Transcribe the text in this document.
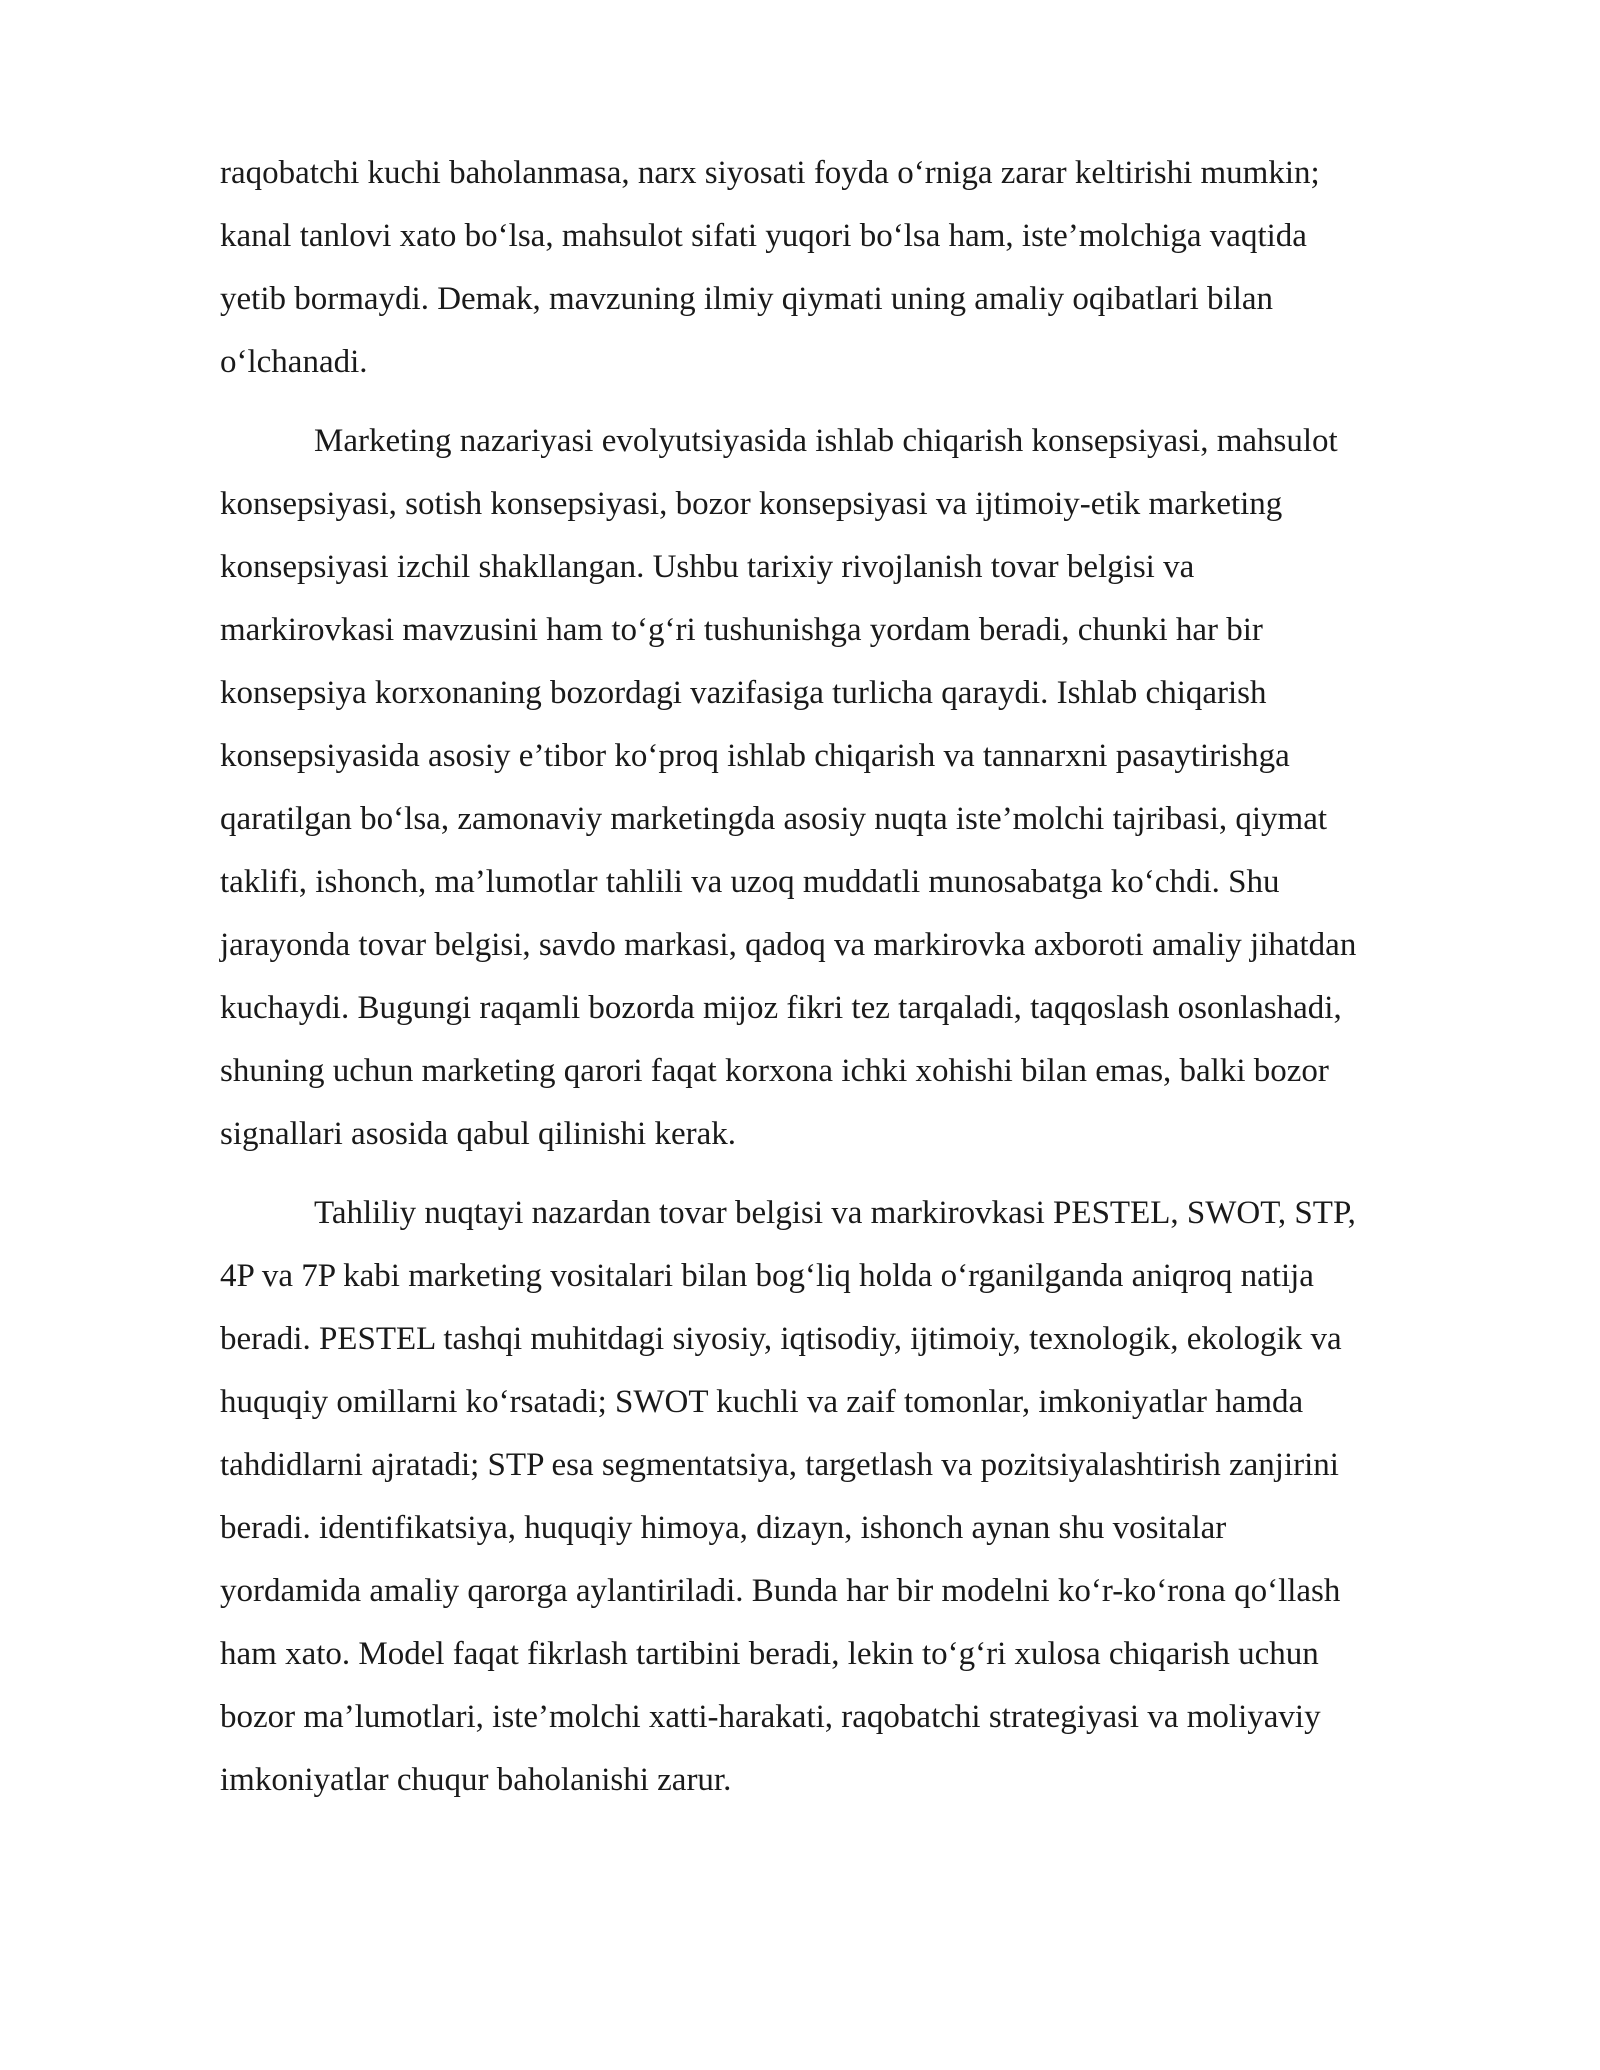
raqobatchi kuchi baholanmasa, narx siyosati foyda o‘rniga zarar keltirishi mumkin;
kanal tanlovi xato bo‘lsa, mahsulot sifati yuqori bo‘lsa ham, iste’molchiga vaqtida
yetib bormaydi. Demak, mavzuning ilmiy qiymati uning amaliy oqibatlari bilan
o‘lchanadi.

Marketing nazariyasi evolyutsiyasida ishlab chiqarish konsepsiyasi, mahsulot
konsepsiyasi, sotish konsepsiyasi, bozor konsepsiyasi va ijtimoiy-etik marketing
konsepsiyasi izchil shakllangan. Ushbu tarixiy rivojlanish tovar belgisi va
markirovkasi mavzusini ham to‘g‘ri tushunishga yordam beradi, chunki har bir
konsepsiya korxonaning bozordagi vazifasiga turlicha qaraydi. Ishlab chiqarish
konsepsiyasida asosiy e’tibor ko‘proq ishlab chiqarish va tannarxni pasaytirishga
qaratilgan bo‘lsa, zamonaviy marketingda asosiy nuqta iste’molchi tajribasi, qiymat
taklifi, ishonch, ma’lumotlar tahlili va uzoq muddatli munosabatga ko‘chdi. Shu
jarayonda tovar belgisi, savdo markasi, qadoq va markirovka axboroti amaliy jihatdan
kuchaydi. Bugungi raqamli bozorda mijoz fikri tez tarqaladi, taqqoslash osonlashadi,
shuning uchun marketing qarori faqat korxona ichki xohishi bilan emas, balki bozor
signallari asosida qabul qilinishi kerak.

Tahliliy nuqtayi nazardan tovar belgisi va markirovkasi PESTEL, SWOT, STP,
4P va 7P kabi marketing vositalari bilan bog‘liq holda o‘rganilganda aniqroq natija
beradi. PESTEL tashqi muhitdagi siyosiy, iqtisodiy, ijtimoiy, texnologik, ekologik va
huquqiy omillarni ko‘rsatadi; SWOT kuchli va zaif tomonlar, imkoniyatlar hamda
tahdidlarni ajratadi; STP esa segmentatsiya, targetlash va pozitsiyalashtirish zanjirini
beradi. identifikatsiya, huquqiy himoya, dizayn, ishonch aynan shu vositalar
yordamida amaliy qarorga aylantiriladi. Bunda har bir modelni ko‘r-ko‘rona qo‘llash
ham xato. Model faqat fikrlash tartibini beradi, lekin to‘g‘ri xulosa chiqarish uchun
bozor ma’lumotlari, iste’molchi xatti-harakati, raqobatchi strategiyasi va moliyaviy
imkoniyatlar chuqur baholanishi zarur.
